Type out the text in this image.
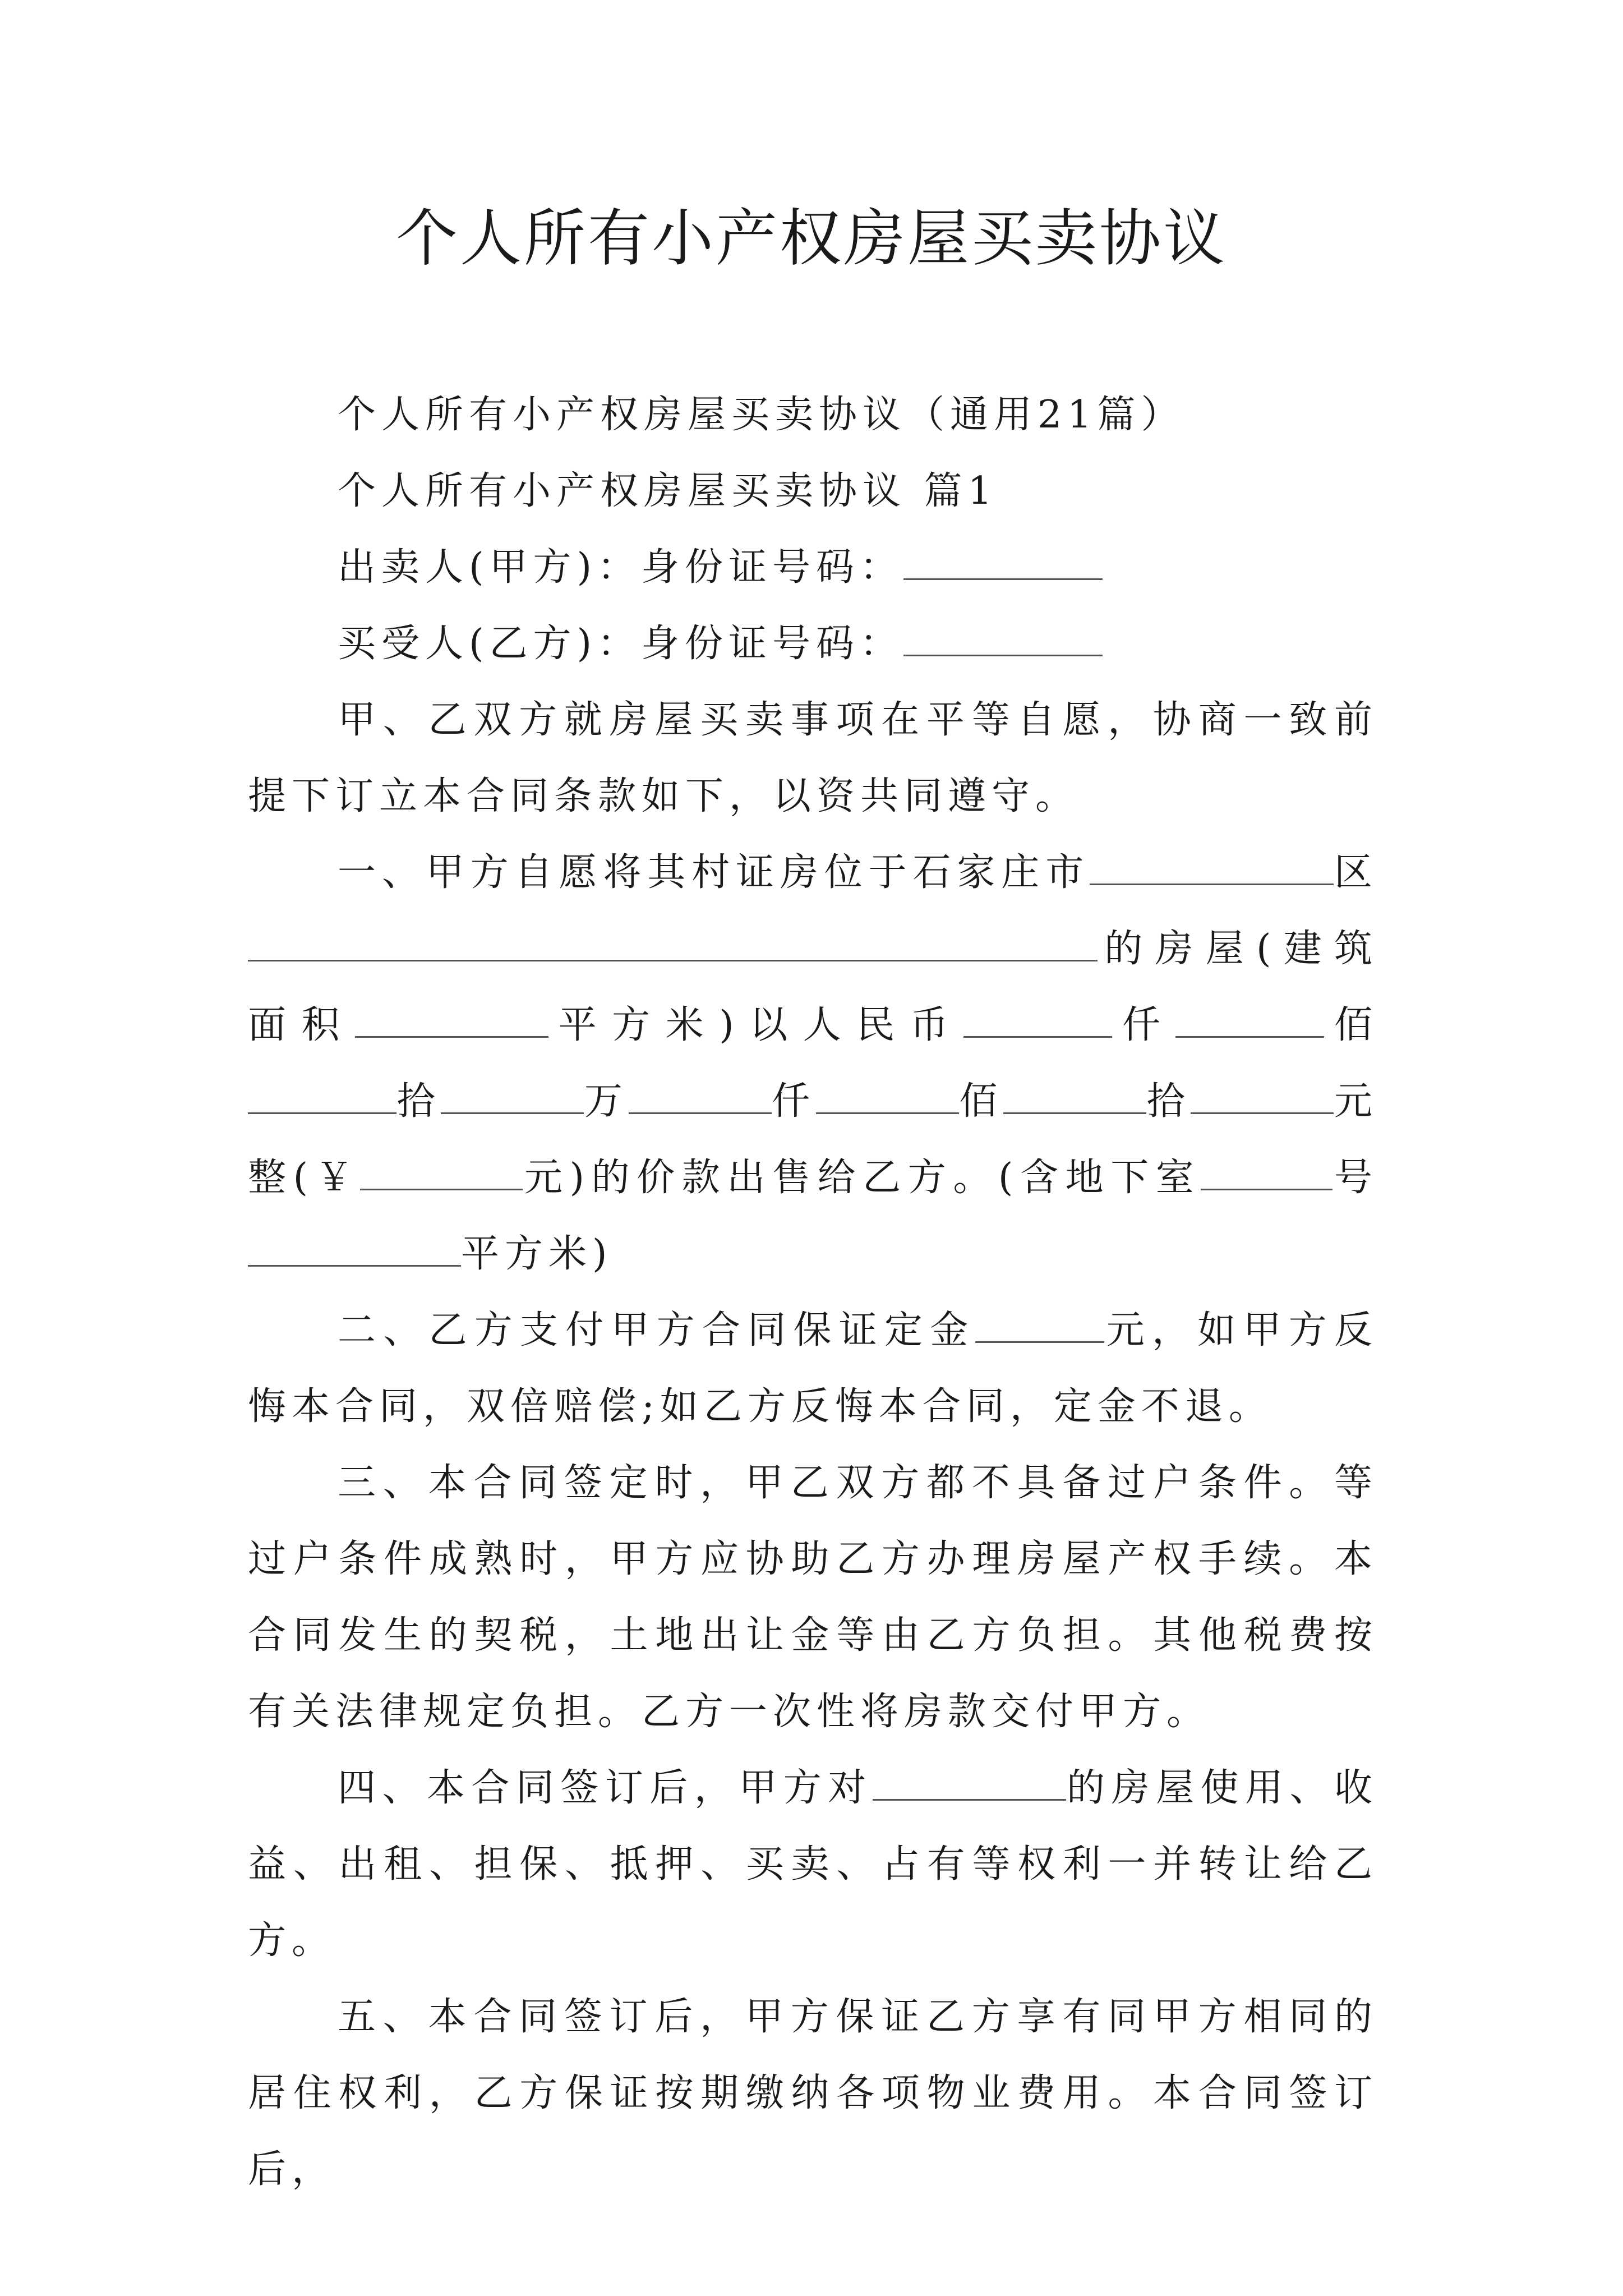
个人所有小产权房屋买卖协议

个人所有小产权房屋买卖协议（通用21篇）

个人所有小产权房屋买卖协议 篇1

出卖人(甲方)：身份证号码：

买受人(乙方)：身份证号码：

甲、乙双方就房屋买卖事项在平等自愿，协商一致前提下订立本合同条款如下，以资共同遵守。

一、甲方自愿将其村证房位于石家庄市	区的房屋(建筑面积	平方米)以人民币	仟	佰拾	万	仟	佰	拾	元整(￥	元)的价款出售给乙方。(含地下室	号平方米)

二、乙方支付甲方合同保证定金	元，如甲方反悔本合同，双倍赔偿;如乙方反悔本合同，定金不退。

三、本合同签定时，甲乙双方都不具备过户条件。等过户条件成熟时，甲方应协助乙方办理房屋产权手续。本合同发生的契税，土地出让金等由乙方负担。其他税费按有关法律规定负担。乙方一次性将房款交付甲方。

四、本合同签订后，甲方对	的房屋使用、收益、出租、担保、抵押、买卖、占有等权利一并转让给乙方。

五、本合同签订后，甲方保证乙方享有同甲方相同的居住权利，乙方保证按期缴纳各项物业费用。本合同签订后，
